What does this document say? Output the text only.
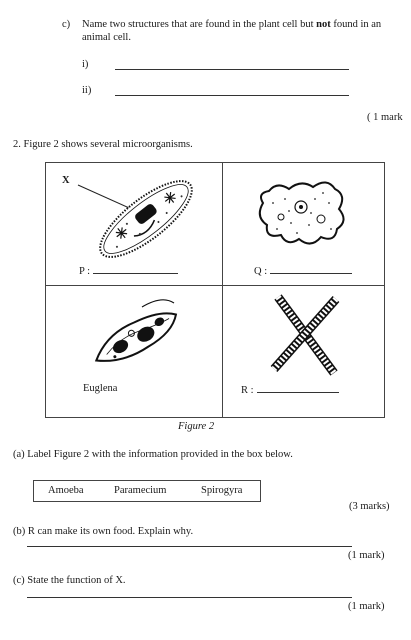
c) Name two structures that are found in the plant cell but not found in an
animal cell.
i)
ii)
( 1 mark
2. Figure 2 shows several microorganisms.
X
P :	Q :
Euglena	R :
Figure 2
(a) Label Figure 2 with the information provided in the box below.
Amoeba	Paramecium	Spirogyra
(3 marks)
(b) R can make its own food. Explain why.
(1 mark)
(c) State the function of X.
(1 mark)
